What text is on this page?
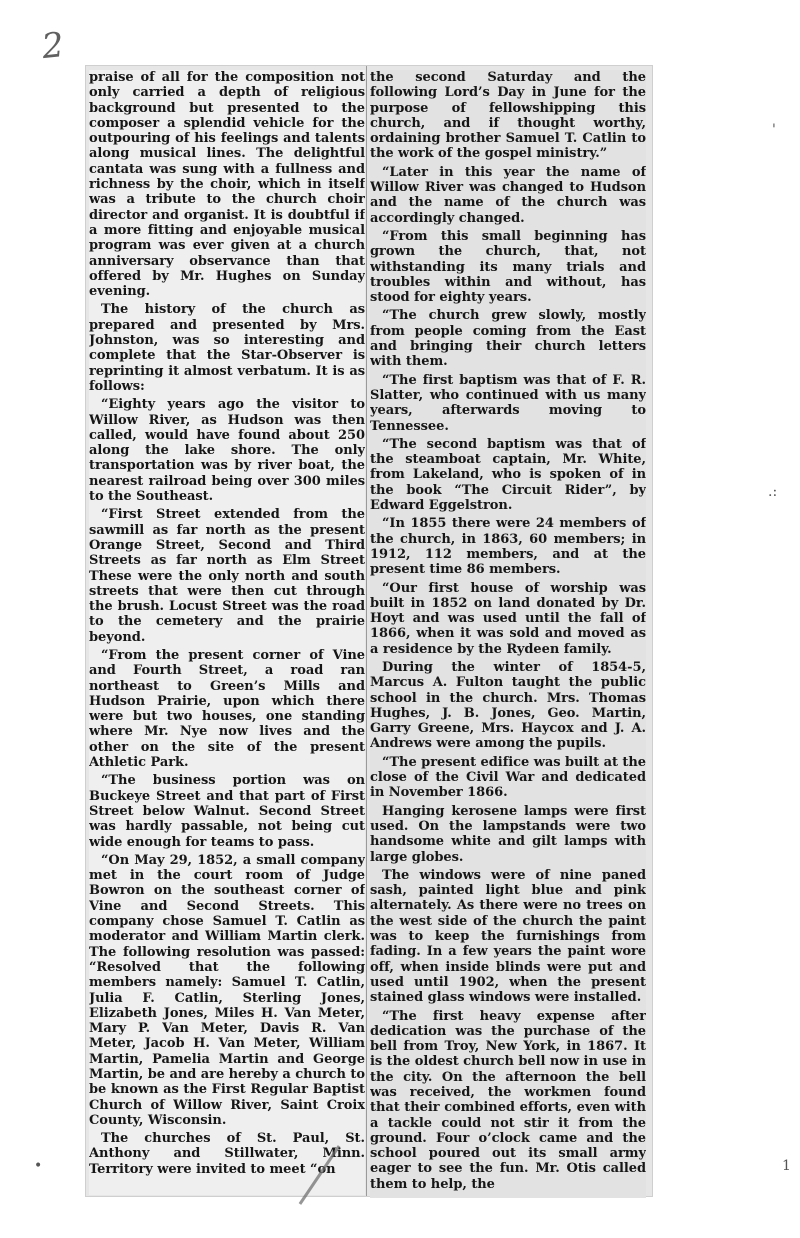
2

praise of all for the composition not only carried a depth of religious background but presented to the composer a splendid vehicle for the outpouring of his feelings and talents along musical lines. The delightful cantata was sung with a fullness and richness by the choir, which in itself was a tribute to the church choir director and organist. It is doubtful if a more fitting and enjoyable musical program was ever given at a church anniversary observance than that offered by Mr. Hughes on Sunday evening.

The history of the church as prepared and presented by Mrs. Johnston, was so interesting and complete that the Star-Observer is reprinting it almost verbatum. It is as follows:

“Eighty years ago the visitor to Willow River, as Hudson was then called, would have found about 250 along the lake shore. The only transportation was by river boat, the nearest railroad being over 300 miles to the Southeast.

“First Street extended from the sawmill as far north as the present Orange Street, Second and Third Streets as far north as Elm Street These were the only north and south streets that were then cut through the brush. Locust Street was the road to the cemetery and the prairie beyond.

“From the present corner of Vine and Fourth Street, a road ran northeast to Green’s Mills and Hudson Prairie, upon which there were but two houses, one standing where Mr. Nye now lives and the other on the site of the present Athletic Park.

“The business portion was on Buckeye Street and that part of First Street below Walnut. Second Street was hardly passable, not being cut wide enough for teams to pass.

“On May 29, 1852, a small company met in the court room of Judge Bowron on the southeast corner of Vine and Second Streets. This company chose Samuel T. Catlin as moderator and William Martin clerk. The following resolution was passed: “Resolved that the following members namely: Samuel T. Catlin, Julia F. Catlin, Sterling Jones, Elizabeth Jones, Miles H. Van Meter, Mary P. Van Meter, Davis R. Van Meter, Jacob H. Van Meter, William Martin, Pamelia Martin and George Martin, be and are hereby a church to be known as the First Regular Baptist Church of Willow River, Saint Croix County, Wisconsin.

The churches of St. Paul, St. Anthony and Stillwater, Minn. Territory were invited to meet “on

the second Saturday and the following Lord’s Day in June for the purpose of fellowshipping this church, and if thought worthy, ordaining brother Samuel T. Catlin to the work of the gospel ministry.”

“Later in this year the name of Willow River was changed to Hudson and the name of the church was accordingly changed.

“From this small beginning has grown the church, that, not withstanding its many trials and troubles within and without, has stood for eighty years.

“The church grew slowly, mostly from people coming from the East and bringing their church letters with them.

“The first baptism was that of F. R. Slatter, who continued with us many years, afterwards moving to Tennessee.

“The second baptism was that of the steamboat captain, Mr. White, from Lakeland, who is spoken of in the book “The Circuit Rider”, by Edward Eggelstron.

“In 1855 there were 24 members of the church, in 1863, 60 members; in 1912, 112 members, and at the present time 86 members.

“Our first house of worship was built in 1852 on land donated by Dr. Hoyt and was used until the fall of 1866, when it was sold and moved as a residence by the Rydeen family.

During the winter of 1854-5, Marcus A. Fulton taught the public school in the church. Mrs. Thomas Hughes, J. B. Jones, Geo. Martin, Garry Greene, Mrs. Haycox and J. A. Andrews were among the pupils.

“The present edifice was built at the close of the Civil War and dedicated in November 1866.

Hanging kerosene lamps were first used. On the lampstands were two handsome white and gilt lamps with large globes.

The windows were of nine paned sash, painted light blue and pink alternately. As there were no trees on the west side of the church the paint was to keep the furnishings from fading. In a few years the paint wore off, when inside blinds were put and used until 1902, when the present stained glass windows were installed.

“The first heavy expense after dedication was the purchase of the bell from Troy, New York, in 1867. It is the oldest church bell now in use in the city. On the afternoon the bell was received, the workmen found that their combined efforts, even with a tackle could not stir it from the ground. Four o’clock came and the school poured out its small army eager to see the fun. Mr. Otis called them to help, the

'
.:
•	1
